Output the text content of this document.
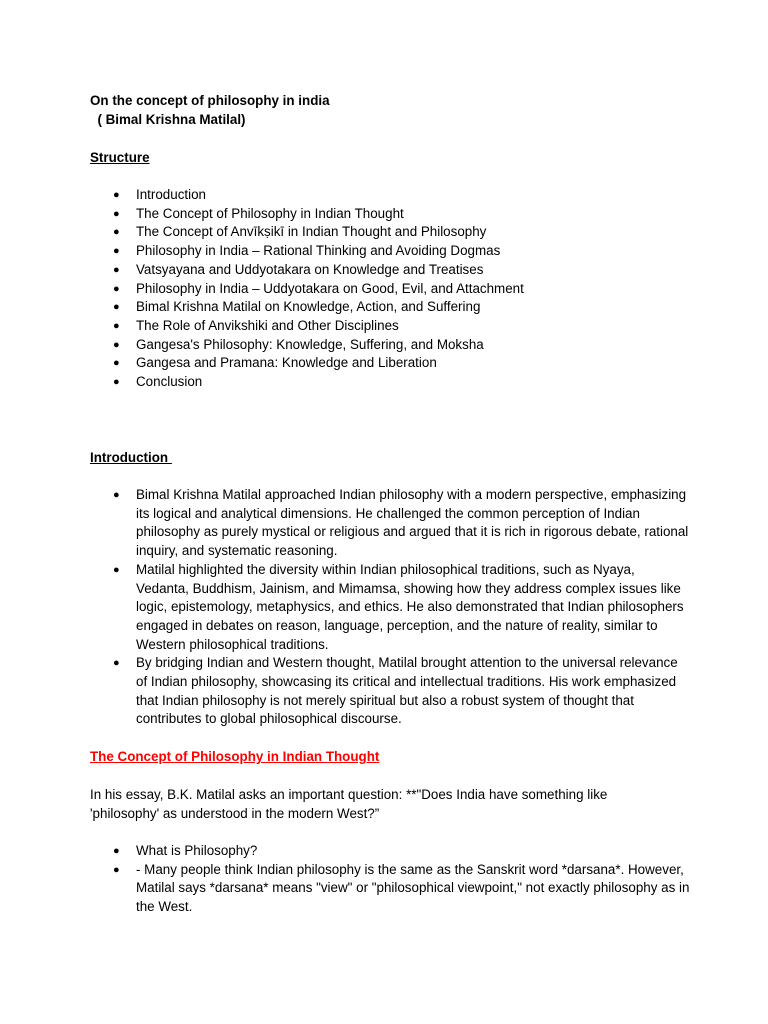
On the concept of philosophy in india

( Bimal Krishna Matilal)

Structure

● Introduction
● The Concept of Philosophy in Indian Thought
● The Concept of Anvīkṣikī in Indian Thought and Philosophy
● Philosophy in India – Rational Thinking and Avoiding Dogmas
● Vatsyayana and Uddyotakara on Knowledge and Treatises
● Philosophy in India – Uddyotakara on Good, Evil, and Attachment
● Bimal Krishna Matilal on Knowledge, Action, and Suffering
● The Role of Anvikshiki and Other Disciplines
● Gangesa's Philosophy: Knowledge, Suffering, and Moksha
● Gangesa and Pramana: Knowledge and Liberation
● Conclusion

Introduction

● Bimal Krishna Matilal approached Indian philosophy with a modern perspective, emphasizing its logical and analytical dimensions. He challenged the common perception of Indian philosophy as purely mystical or religious and argued that it is rich in rigorous debate, rational inquiry, and systematic reasoning.
● Matilal highlighted the diversity within Indian philosophical traditions, such as Nyaya, Vedanta, Buddhism, Jainism, and Mimamsa, showing how they address complex issues like logic, epistemology, metaphysics, and ethics. He also demonstrated that Indian philosophers engaged in debates on reason, language, perception, and the nature of reality, similar to Western philosophical traditions.
● By bridging Indian and Western thought, Matilal brought attention to the universal relevance of Indian philosophy, showcasing its critical and intellectual traditions. His work emphasized that Indian philosophy is not merely spiritual but also a robust system of thought that contributes to global philosophical discourse.

The Concept of Philosophy in Indian Thought

In his essay, B.K. Matilal asks an important question: **"Does India have something like 'philosophy' as understood in the modern West?”

● What is Philosophy?
● - Many people think Indian philosophy is the same as the Sanskrit word *darsana*. However, Matilal says *darsana* means "view" or "philosophical viewpoint," not exactly philosophy as in the West.
